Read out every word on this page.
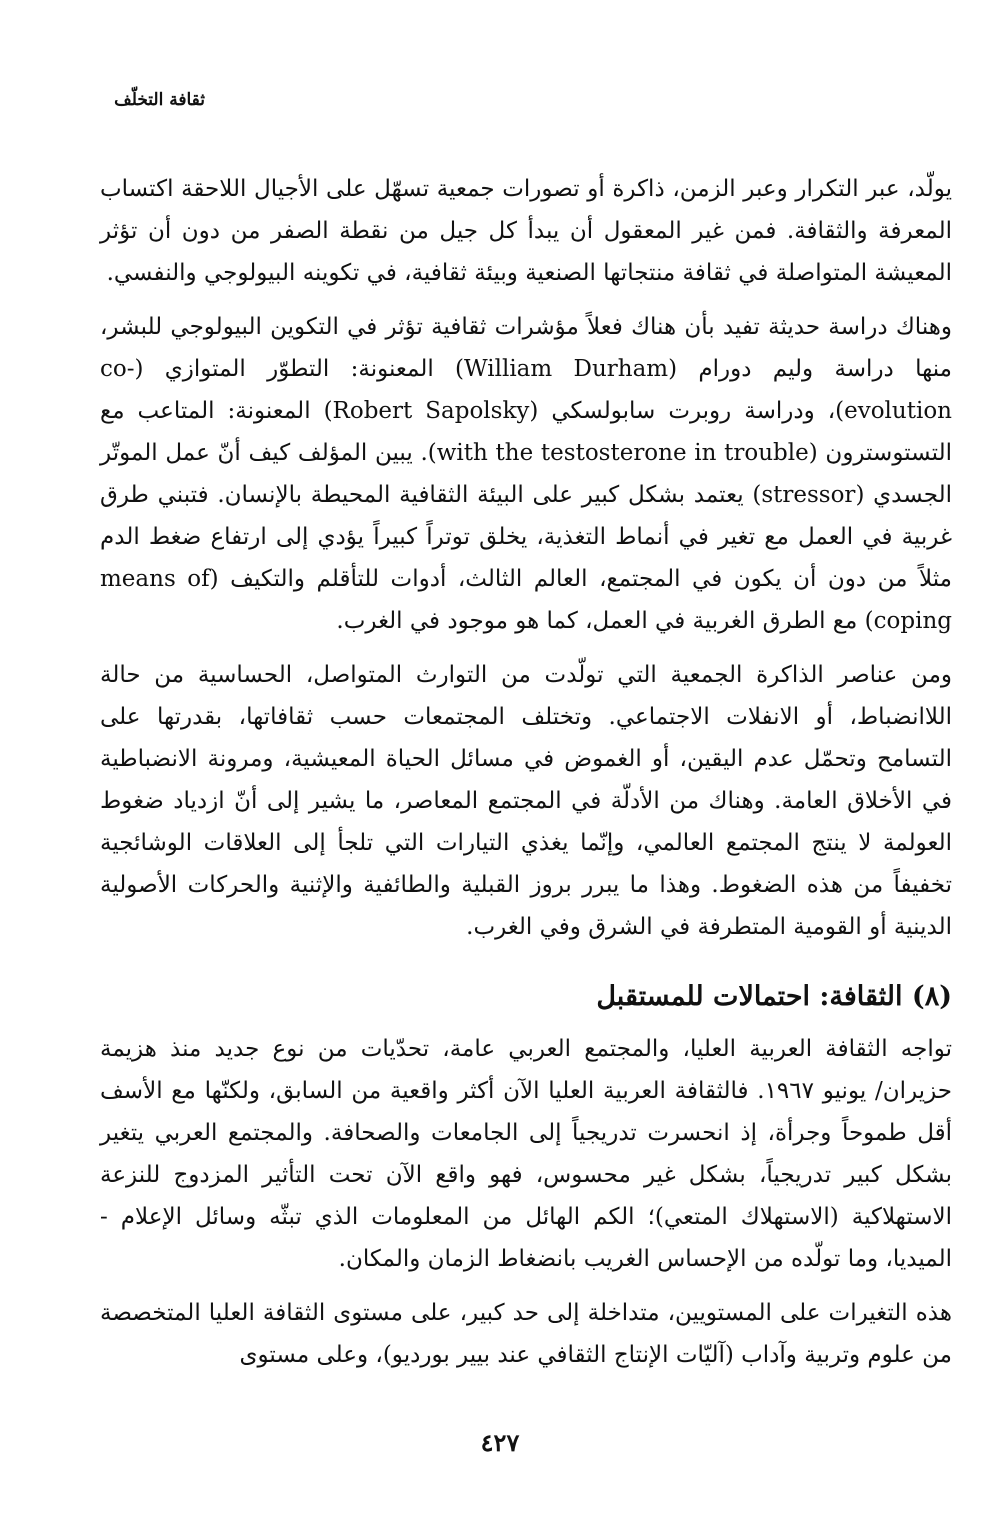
ثقافة التخلّف

يولّد، عبر التكرار وعبر الزمن، ذاكرة أو تصورات جمعية تسهّل على الأجيال اللاحقة اكتساب المعرفة والثقافة. فمن غير المعقول أن يبدأ كل جيل من نقطة الصفر من دون أن تؤثر المعيشة المتواصلة في ثقافة منتجاتها الصنعية وبيئة ثقافية، في تكوينه البيولوجي والنفسي.

وهناك دراسة حديثة تفيد بأن هناك فعلاً مؤشرات ثقافية تؤثر في التكوين البيولوجي للبشر، منها دراسة وليم دورام (William Durham) المعنونة: التطوّر المتوازي (-co evolution)، ودراسة روبرت سابولسكي (Robert Sapolsky) المعنونة: المتاعب مع التستوسترون (with the testosterone in trouble). يبين المؤلف كيف أنّ عمل الموتّر الجسدي (stressor) يعتمد بشكل كبير على البيئة الثقافية المحيطة بالإنسان. فتبني طرق غربية في العمل مع تغير في أنماط التغذية، يخلق توتراً كبيراً يؤدي إلى ارتفاع ضغط الدم مثلاً من دون أن يكون في المجتمع، العالم الثالث، أدوات للتأقلم والتكيف (means of coping) مع الطرق الغربية في العمل، كما هو موجود في الغرب.

ومن عناصر الذاكرة الجمعية التي تولّدت من التوارث المتواصل، الحساسية من حالة اللاانضباط، أو الانفلات الاجتماعي. وتختلف المجتمعات حسب ثقافاتها، بقدرتها على التسامح وتحمّل عدم اليقين، أو الغموض في مسائل الحياة المعيشية، ومرونة الانضباطية في الأخلاق العامة. وهناك من الأدلّة في المجتمع المعاصر، ما يشير إلى أنّ ازدياد ضغوط العولمة لا ينتج المجتمع العالمي، وإنّما يغذي التيارات التي تلجأ إلى العلاقات الوشائجية تخفيفاً من هذه الضغوط. وهذا ما يبرر بروز القبلية والطائفية والإثنية والحركات الأصولية الدينية أو القومية المتطرفة في الشرق وفي الغرب.

(٨) الثقافة: احتمالات للمستقبل

تواجه الثقافة العربية العليا، والمجتمع العربي عامة، تحدّيات من نوع جديد منذ هزيمة حزيران/ يونيو ١٩٦٧. فالثقافة العربية العليا الآن أكثر واقعية من السابق، ولكنّها مع الأسف أقل طموحاً وجرأة، إذ انحسرت تدريجياً إلى الجامعات والصحافة. والمجتمع العربي يتغير بشكل كبير تدريجياً، بشكل غير محسوس، فهو واقع الآن تحت التأثير المزدوج للنزعة الاستهلاكية (الاستهلاك المتعي)؛ الكم الهائل من المعلومات الذي تبثّه وسائل الإعلام - الميديا، وما تولّده من الإحساس الغريب بانضغاط الزمان والمكان.

هذه التغيرات على المستويين، متداخلة إلى حد كبير، على مستوى الثقافة العليا المتخصصة من علوم وتربية وآداب (آليّات الإنتاج الثقافي عند بيير بورديو)، وعلى مستوى

٤٢٧
